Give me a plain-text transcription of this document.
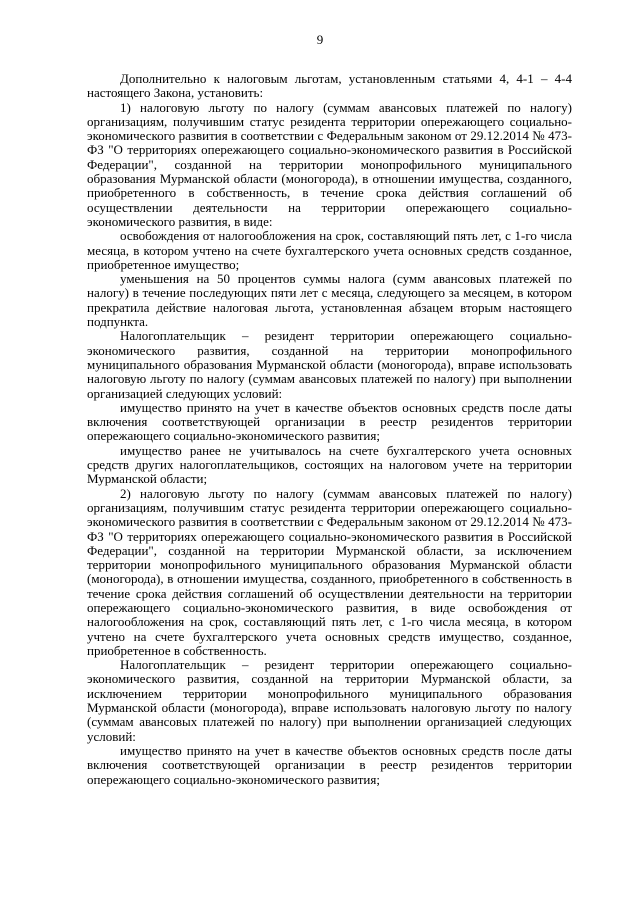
9

Дополнительно к налоговым льготам, установленным статьями 4, 4-1 – 4-4 настоящего Закона, установить:

1) налоговую льготу по налогу (суммам авансовых платежей по налогу) организациям, получившим статус резидента территории опережающего социально-экономического развития в соответствии с Федеральным законом от 29.12.2014 № 473-ФЗ "О территориях опережающего социально-экономического развития в Российской Федерации", созданной на территории монопрофильного муниципального образования Мурманской области (моногорода), в отношении имущества, созданного, приобретенного в собственность, в течение срока действия соглашений об осуществлении деятельности на территории опережающего социально-экономического развития, в виде:

освобождения от налогообложения на срок, составляющий пять лет, с 1-го числа месяца, в котором учтено на счете бухгалтерского учета основных средств созданное, приобретенное имущество;

уменьшения на 50 процентов суммы налога (сумм авансовых платежей по налогу) в течение последующих пяти лет с месяца, следующего за месяцем, в котором прекратила действие налоговая льгота, установленная абзацем вторым настоящего подпункта.

Налогоплательщик – резидент территории опережающего социально-экономического развития, созданной на территории монопрофильного муниципального образования Мурманской области (моногорода), вправе использовать налоговую льготу по налогу (суммам авансовых платежей по налогу) при выполнении организацией следующих условий:

имущество принято на учет в качестве объектов основных средств после даты включения соответствующей организации в реестр резидентов территории опережающего социально-экономического развития;

имущество ранее не учитывалось на счете бухгалтерского учета основных средств других налогоплательщиков, состоящих на налоговом учете на территории Мурманской области;

2) налоговую льготу по налогу (суммам авансовых платежей по налогу) организациям, получившим статус резидента территории опережающего социально-экономического развития в соответствии с Федеральным законом от 29.12.2014 № 473-ФЗ "О территориях опережающего социально-экономического развития в Российской Федерации", созданной на территории Мурманской области, за исключением территории монопрофильного муниципального образования Мурманской области (моногорода), в отношении имущества, созданного, приобретенного в собственность в течение срока действия соглашений об осуществлении деятельности на территории опережающего социально-экономического развития, в виде освобождения от налогообложения на срок, составляющий пять лет, с 1-го числа месяца, в котором учтено на счете бухгалтерского учета основных средств имущество, созданное, приобретенное в собственность.

Налогоплательщик – резидент территории опережающего социально-экономического развития, созданной на территории Мурманской области, за исключением территории монопрофильного муниципального образования Мурманской области (моногорода), вправе использовать налоговую льготу по налогу (суммам авансовых платежей по налогу) при выполнении организацией следующих условий:

имущество принято на учет в качестве объектов основных средств после даты включения соответствующей организации в реестр резидентов территории опережающего социально-экономического развития;
